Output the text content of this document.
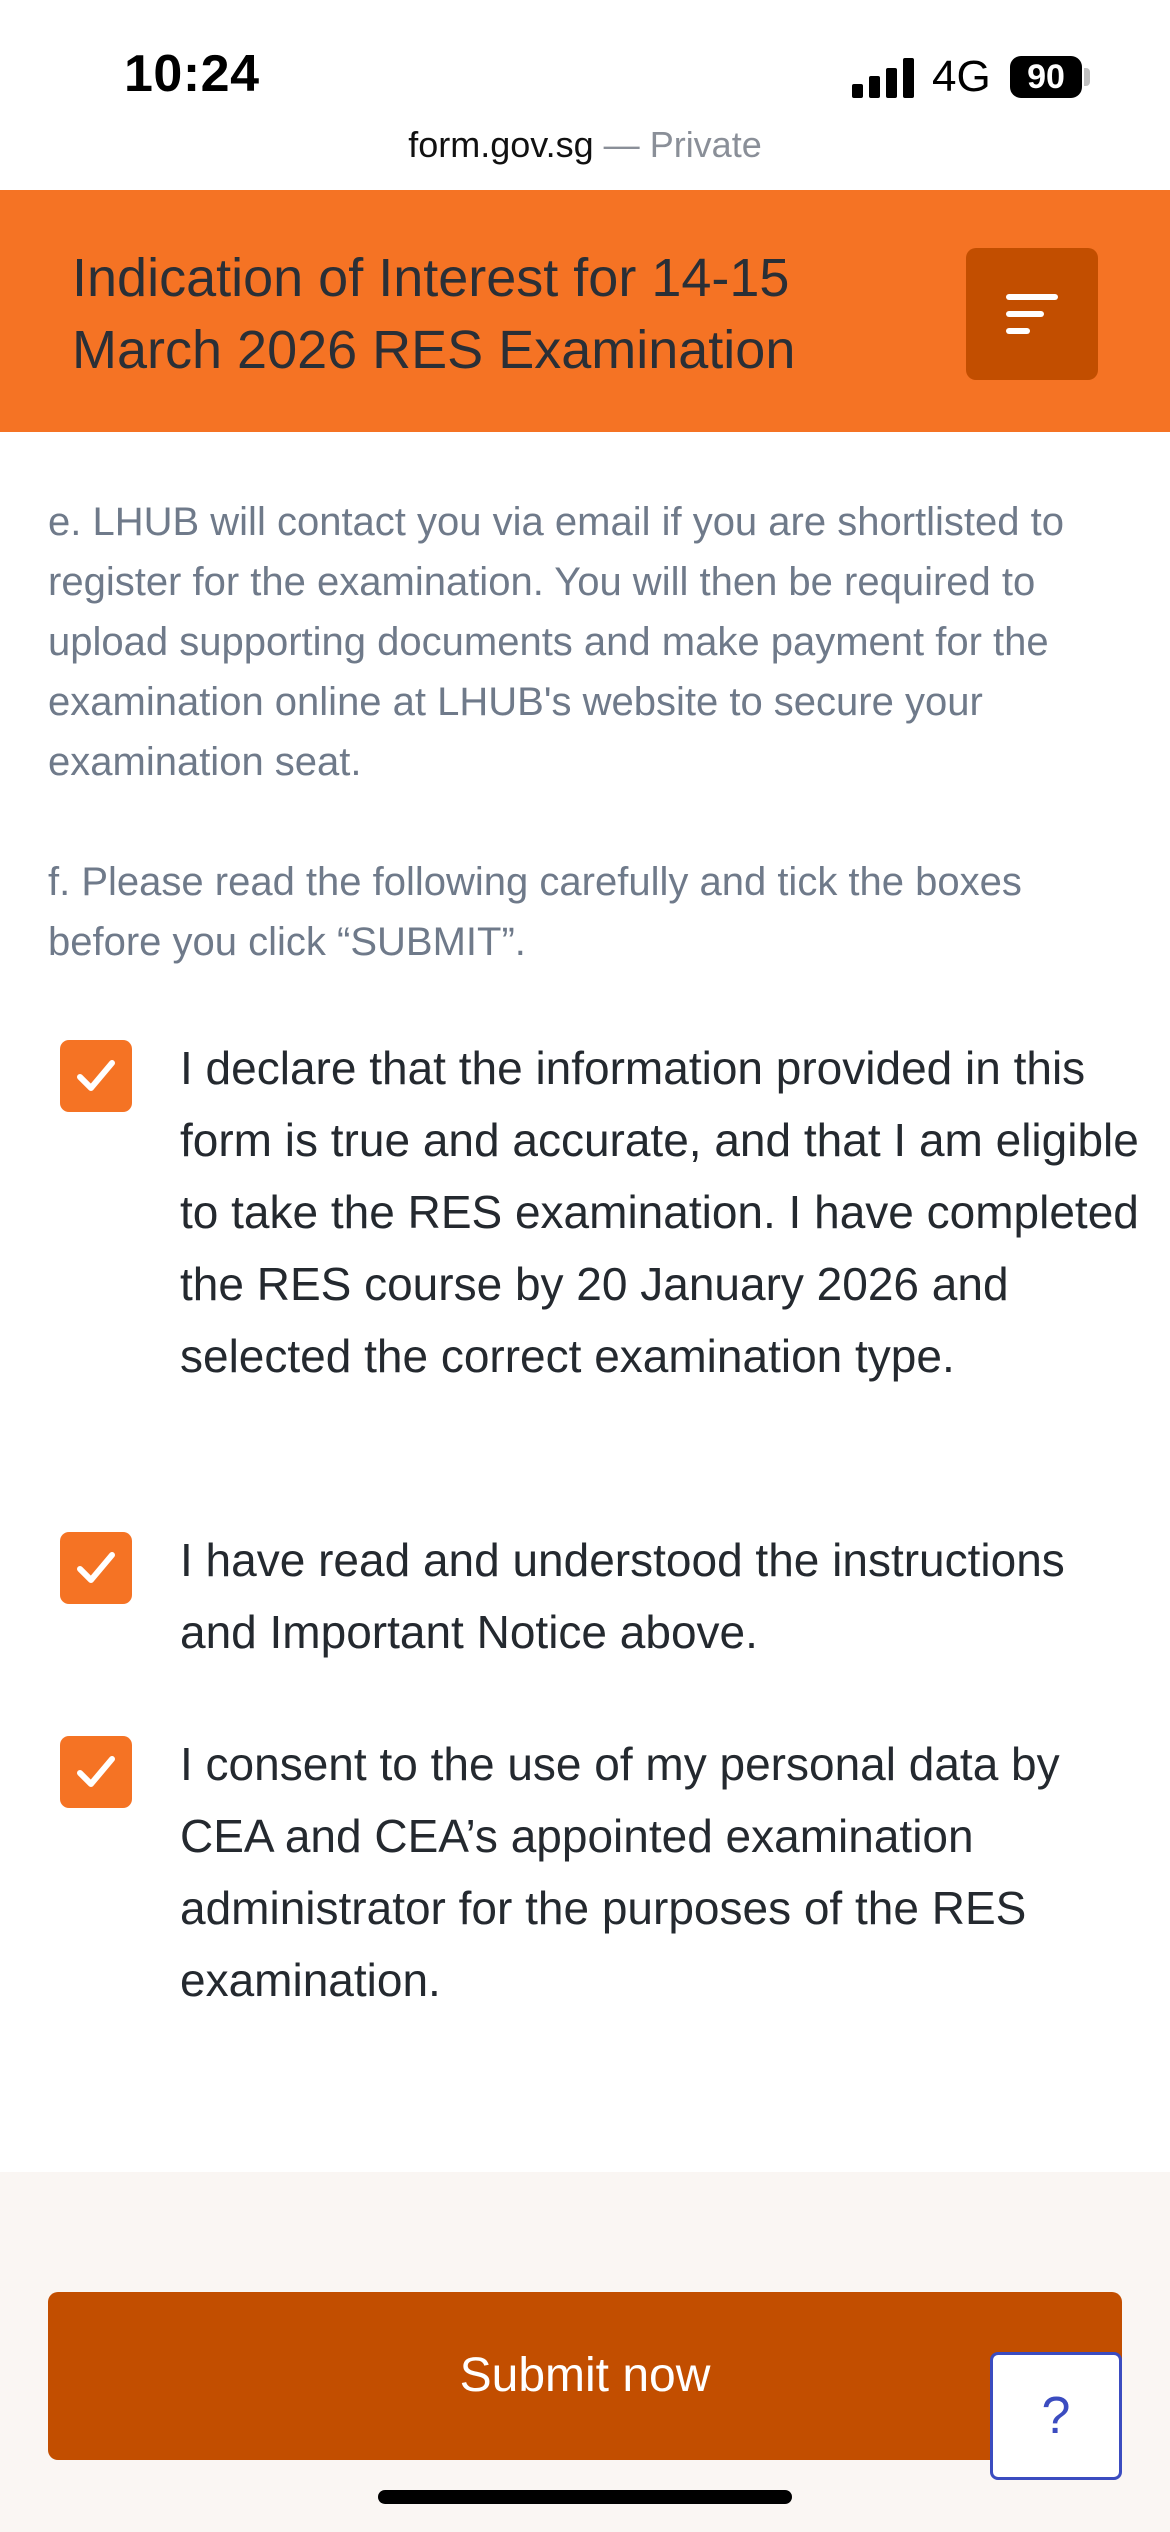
10:24	4G	90
form.gov.sg — Private
Indication of Interest for 14-15 March 2026 RES Examination
e. LHUB will contact you via email if you are shortlisted to register for the examination. You will then be required to upload supporting documents and make payment for the examination online at LHUB's website to secure your examination seat.
f. Please read the following carefully and tick the boxes before you click “SUBMIT”.
I declare that the information provided in this form is true and accurate, and that I am eligible to take the RES examination. I have completed the RES course by 20 January 2026 and selected the correct examination type.
I have read and understood the instructions and Important Notice above.
I consent to the use of my personal data by CEA and CEA’s appointed examination administrator for the purposes of the RES examination.
Submit now
?
